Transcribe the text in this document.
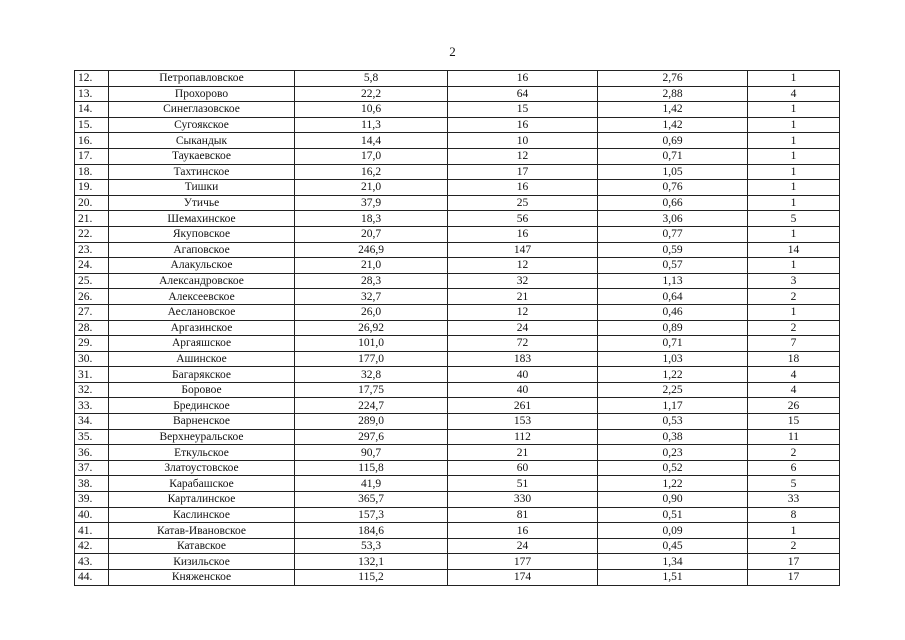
2
12.	Петропавловское	5,8	16	2,76	1
13.	Прохорово	22,2	64	2,88	4
14.	Синеглазовское	10,6	15	1,42	1
15.	Сугоякское	11,3	16	1,42	1
16.	Сыкандык	14,4	10	0,69	1
17.	Таукаевское	17,0	12	0,71	1
18.	Тахтинское	16,2	17	1,05	1
19.	Тишки	21,0	16	0,76	1
20.	Утичье	37,9	25	0,66	1
21.	Шемахинское	18,3	56	3,06	5
22.	Якуповское	20,7	16	0,77	1
23.	Агаповское	246,9	147	0,59	14
24.	Алакульское	21,0	12	0,57	1
25.	Александровское	28,3	32	1,13	3
26.	Алексеевское	32,7	21	0,64	2
27.	Аеслановское	26,0	12	0,46	1
28.	Аргазинское	26,92	24	0,89	2
29.	Аргаяшское	101,0	72	0,71	7
30.	Ашинское	177,0	183	1,03	18
31.	Багарякское	32,8	40	1,22	4
32.	Боровое	17,75	40	2,25	4
33.	Брединское	224,7	261	1,17	26
34.	Варненское	289,0	153	0,53	15
35.	Верхнеуральское	297,6	112	0,38	11
36.	Еткульское	90,7	21	0,23	2
37.	Златоустовское	115,8	60	0,52	6
38.	Карабашское	41,9	51	1,22	5
39.	Карталинское	365,7	330	0,90	33
40.	Каслинское	157,3	81	0,51	8
41.	Катав-Ивановское	184,6	16	0,09	1
42.	Катавское	53,3	24	0,45	2
43.	Кизильское	132,1	177	1,34	17
44.	Княженское	115,2	174	1,51	17
